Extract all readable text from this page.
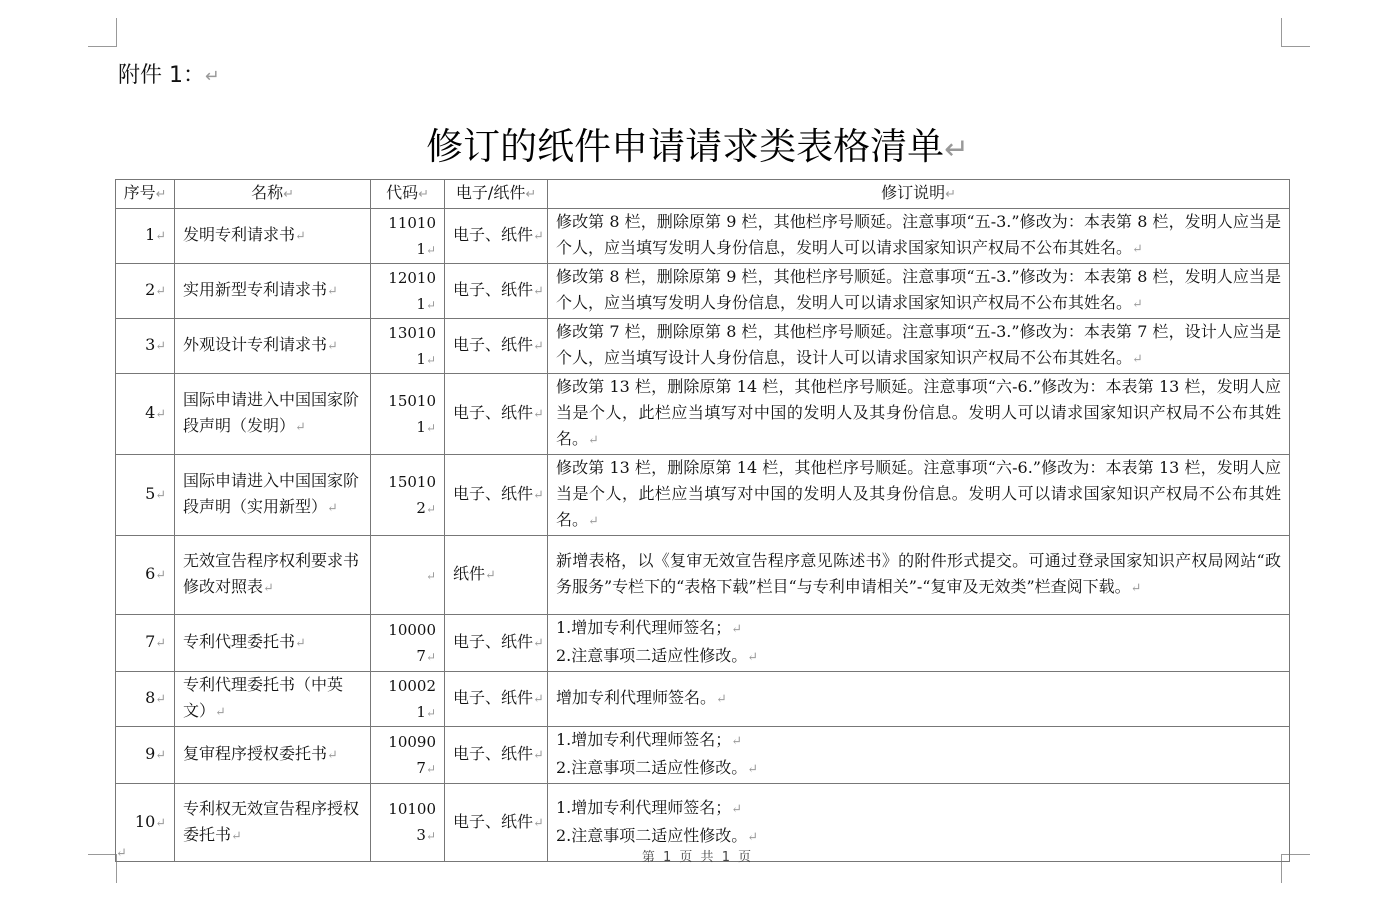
附件 1：↵
修订的纸件申请请求类表格清单↵
序号↵	名称↵	代码↵	电子/纸件↵	修订说明↵
1↵	发明专利请求书↵	110101↵	电子、纸件↵	修改第 8 栏，删除原第 9 栏，其他栏序号顺延。注意事项“五-3.”修改为：本表第 8 栏，发明人应当是个人，应当填写发明人身份信息，发明人可以请求国家知识产权局不公布其姓名。↵

2↵	实用新型专利请求书↵	120101↵	电子、纸件↵	修改第 8 栏，删除原第 9 栏，其他栏序号顺延。注意事项“五-3.”修改为：本表第 8 栏，发明人应当是个人，应当填写发明人身份信息，发明人可以请求国家知识产权局不公布其姓名。↵

3↵	外观设计专利请求书↵	130101↵	电子、纸件↵	修改第 7 栏，删除原第 8 栏，其他栏序号顺延。注意事项“五-3.”修改为：本表第 7 栏，设计人应当是个人，应当填写设计人身份信息，设计人可以请求国家知识产权局不公布其姓名。↵

4↵	国际申请进入中国国家阶段声明（发明）↵	150101↵	电子、纸件↵	修改第 13 栏，删除原第 14 栏，其他栏序号顺延。注意事项“六-6.”修改为：本表第 13 栏，发明人应当是个人，此栏应当填写对中国的发明人及其身份信息。发明人可以请求国家知识产权局不公布其姓名。↵

5↵	国际申请进入中国国家阶段声明（实用新型）↵	150102↵	电子、纸件↵	修改第 13 栏，删除原第 14 栏，其他栏序号顺延。注意事项“六-6.”修改为：本表第 13 栏，发明人应当是个人，此栏应当填写对中国的发明人及其身份信息。发明人可以请求国家知识产权局不公布其姓名。↵

6↵	无效宣告程序权利要求书修改对照表↵	↵	纸件↵	新增表格，以《复审无效宣告程序意见陈述书》的附件形式提交。可通过登录国家知识产权局网站“政务服务”专栏下的“表格下载”栏目“与专利申请相关”-“复审及无效类”栏查阅下载。↵

7↵	专利代理委托书↵	100007↵	电子、纸件↵	1.增加专利代理师签名；↵
2.注意事项二适应性修改。↵

8↵	专利代理委托书（中英文）↵	100021↵	电子、纸件↵	增加专利代理师签名。↵

9↵	复审程序授权委托书↵	100907↵	电子、纸件↵	1.增加专利代理师签名；↵
2.注意事项二适应性修改。↵

10↵	专利权无效宣告程序授权委托书↵	101003↵	电子、纸件↵	1.增加专利代理师签名；↵
2.注意事项二适应性修改。↵
↵	第 1 页 共 1 页
